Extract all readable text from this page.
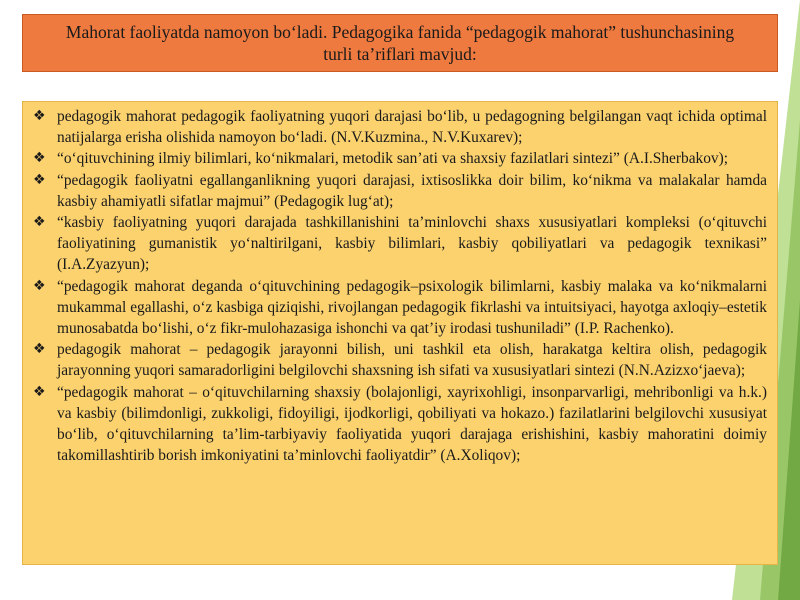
Mahorat faoliyatda namoyon bo‘ladi. Pedagogika fanida “pedagogik mahorat” tushunchasining turli ta’riflari mavjud:

❖ pedagogik mahorat pedagogik faoliyatning yuqori darajasi bo‘lib, u pedagogning belgilangan vaqt ichida optimal natijalarga erisha olishida namoyon bo‘ladi. (N.V.Kuzmina., N.V.Kuxarev);
❖ “o‘qituvchining ilmiy bilimlari, ko‘nikmalari, metodik san’ati va shaxsiy fazilatlari sintezi” (A.I.Sherbakov);
❖ “pedagogik faoliyatni egallanganlikning yuqori darajasi, ixtisoslikka doir bilim, ko‘nikma va malakalar hamda kasbiy ahamiyatli sifatlar majmui” (Pedagogik lug‘at);
❖ “kasbiy faoliyatning yuqori darajada tashkillanishini ta’minlovchi shaxs xususiyatlari kompleksi (o‘qituvchi faoliyatining gumanistik yo‘naltirilgani, kasbiy bilimlari, kasbiy qobiliyatlari va pedagogik texnikasi” (I.A.Zyazyun);
❖ “pedagogik mahorat deganda o‘qituvchining pedagogik–psixologik bilimlarni, kasbiy malaka va ko‘nikmalarni mukammal egallashi, o‘z kasbiga qiziqishi, rivojlangan pedagogik fikrlashi va intuitsiyaci, hayotga axloqiy–estetik munosabatda bo‘lishi, o‘z fikr-mulohazasiga ishonchi va qat’iy irodasi tushuniladi” (I.P. Rachenko).
❖ pedagogik mahorat – pedagogik jarayonni bilish, uni tashkil eta olish, harakatga keltira olish, pedagogik jarayonning yuqori samaradorligini belgilovchi shaxsning ish sifati va xususiyatlari sintezi (N.N.Azizxo‘jaeva);
❖ “pedagogik mahorat – o‘qituvchilarning shaxsiy (bolajonligi, xayrixohligi, insonparvarligi, mehribonligi va h.k.) va kasbiy (bilimdonligi, zukkoligi, fidoyiligi, ijodkorligi, qobiliyati va hokazo.) fazilatlarini belgilovchi xususiyat bo‘lib, o‘qituvchilarning ta’lim-tarbiyaviy faoliyatida yuqori darajaga erishishini, kasbiy mahoratini doimiy takomillashtirib borish imkoniyatini ta’minlovchi faoliyatdir” (A.Xoliqov);
